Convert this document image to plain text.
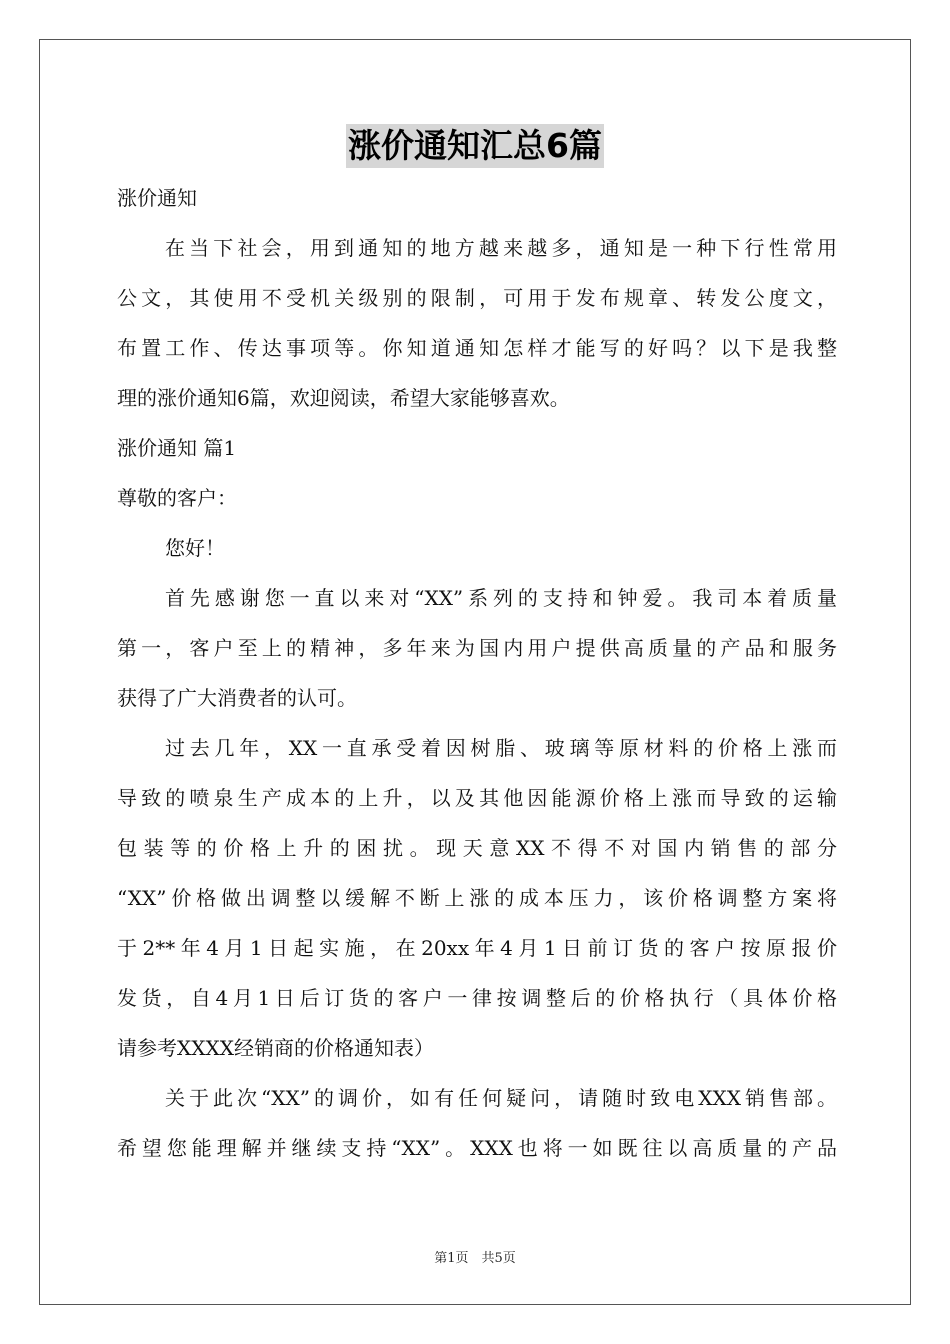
涨价通知汇总6篇
涨价通知
在当下社会，用到通知的地方越来越多，通知是一种下行性常用
公文，其使用不受机关级别的限制，可用于发布规章、转发公度文，
布置工作、传达事项等。你知道通知怎样才能写的好吗？以下是我整
理的涨价通知6篇，欢迎阅读，希望大家能够喜欢。
涨价通知 篇1
尊敬的客户：
您好！
首先感谢您一直以来对“XX”系列的支持和钟爱。我司本着质量
第一，客户至上的精神，多年来为国内用户提供高质量的产品和服务
获得了广大消费者的认可。
过去几年，XX一直承受着因树脂、玻璃等原材料的价格上涨而
导致的喷泉生产成本的上升，以及其他因能源价格上涨而导致的运输
包装等的价格上升的困扰。现天意XX不得不对国内销售的部分
“XX”价格做出调整以缓解不断上涨的成本压力，该价格调整方案将
于2**年4月1日起实施，在20xx年4月1日前订货的客户按原报价
发货，自4月1日后订货的客户一律按调整后的价格执行（具体价格
请参考XXXX经销商的价格通知表）
关于此次“XX”的调价，如有任何疑问，请随时致电XXX销售部。
希望您能理解并继续支持“XX”。XXX也将一如既往以高质量的产品
第1页　共5页
